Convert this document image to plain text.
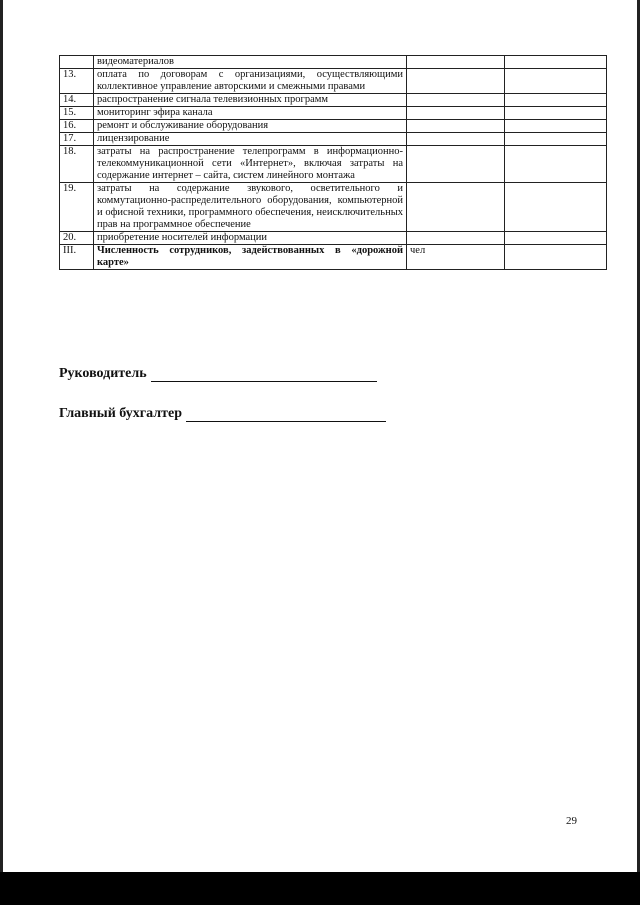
	видеоматериалов		
13.	оплата по договорам с организациями, осуществляющими коллективное управление авторскими и смежными правами		
14.	распространение сигнала телевизионных программ		
15.	мониторинг эфира канала		
16.	ремонт и обслуживание оборудования		
17.	лицензирование		
18.	затраты на распространение телепрограмм в информационно-телекоммуникационной сети «Интернет», включая затраты на содержание интернет – сайта, систем линейного монтажа		
19.	затраты на содержание звукового, осветительного и коммутационно-распределительного оборудования, компьютерной и офисной техники, программного обеспечения, неисключительных прав на программное обеспечение		
20.	приобретение носителей информации		
III.	Численность сотрудников, задействованных в «дорожной карте»	чел	
Руководитель
Главный бухгалтер
29
